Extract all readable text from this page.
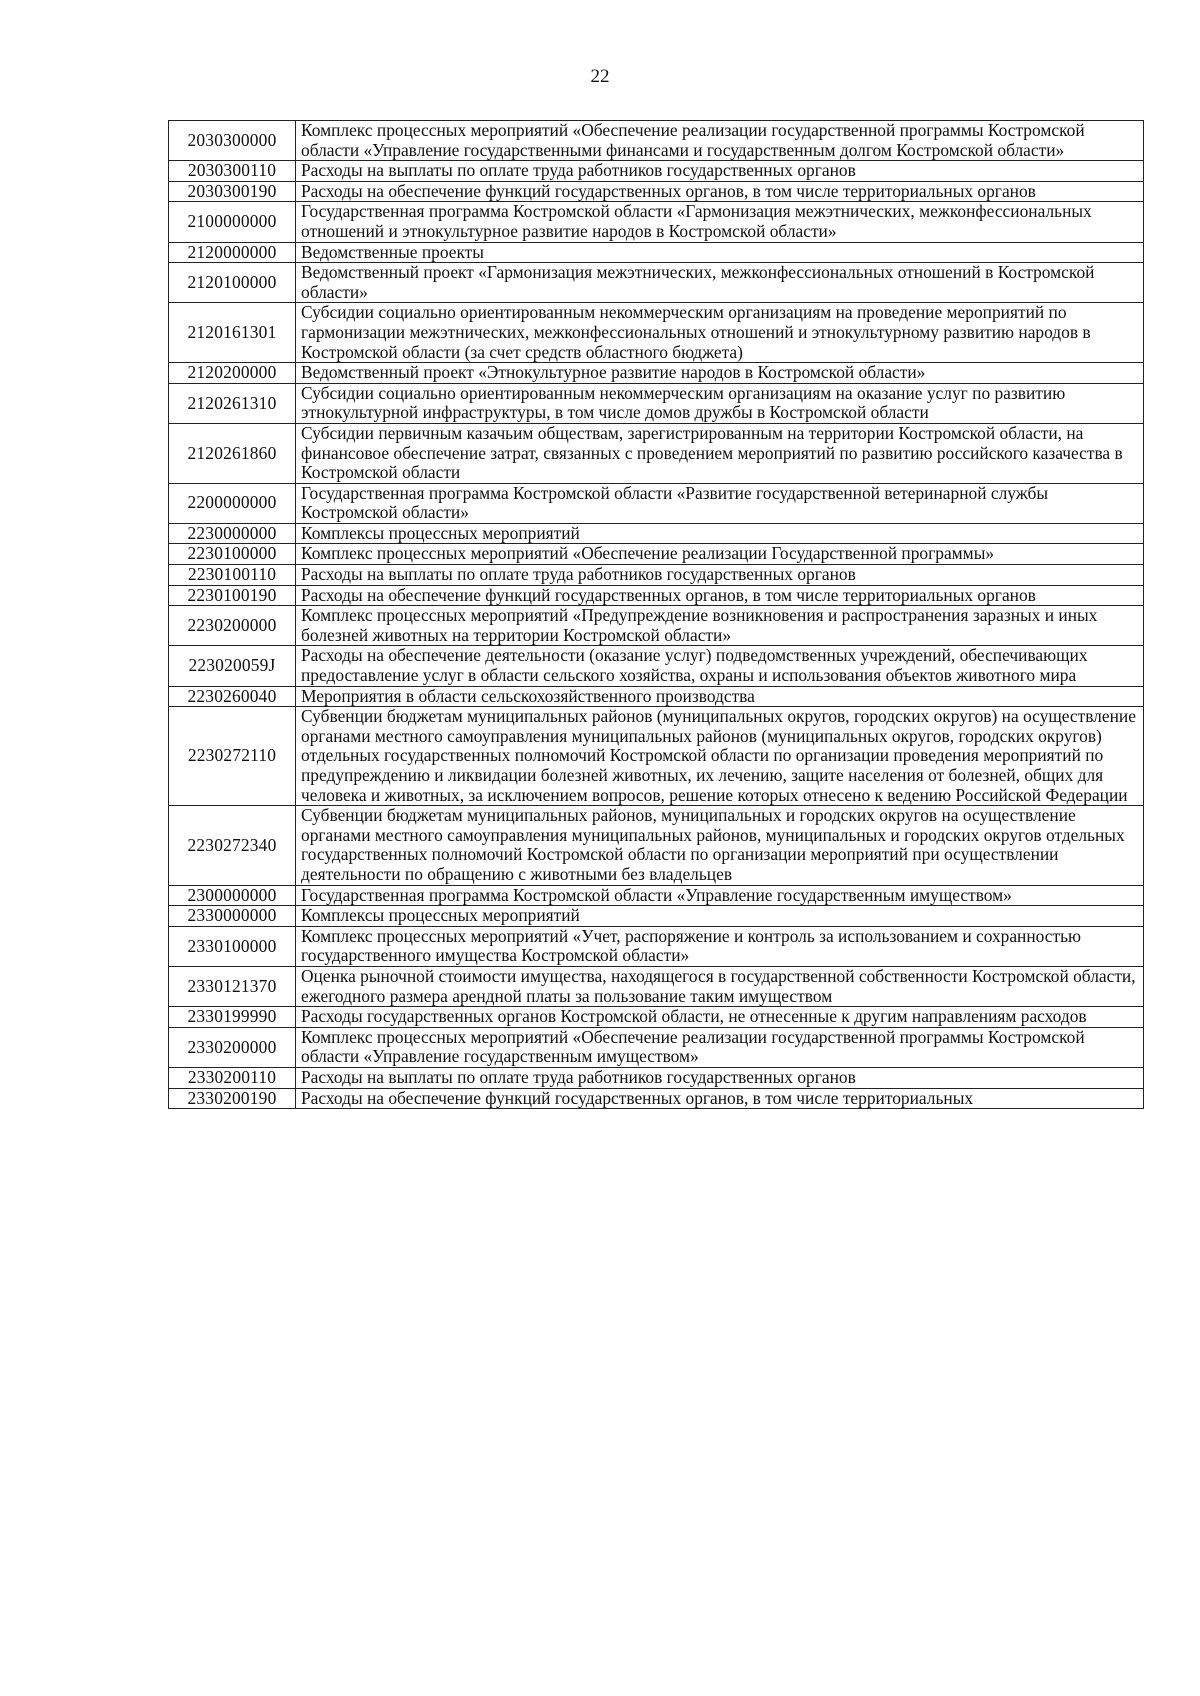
22
2030300000	Комплекс процессных мероприятий «Обеспечение реализации государственной программы Костромской области «Управление государственными финансами и государственным долгом Костромской области»
2030300110	Расходы на выплаты по оплате труда работников государственных органов
2030300190	Расходы на обеспечение функций государственных органов, в том числе территориальных органов
2100000000	Государственная программа Костромской области «Гармонизация межэтнических, межконфессиональных отношений и этнокультурное развитие народов в Костромской области»
2120000000	Ведомственные проекты
2120100000	Ведомственный проект «Гармонизация межэтнических, межконфессиональных отношений в Костромской области»
2120161301	Субсидии социально ориентированным некоммерческим организациям на проведение мероприятий по гармонизации межэтнических, межконфессиональных отношений и этнокультурному развитию народов в Костромской области (за счет средств областного бюджета)
2120200000	Ведомственный проект «Этнокультурное развитие народов в Костромской области»
2120261310	Субсидии социально ориентированным некоммерческим организациям на оказание услуг по развитию этнокультурной инфраструктуры, в том числе домов дружбы в Костромской области
2120261860	Субсидии первичным казачьим обществам, зарегистрированным на территории Костромской области, на финансовое обеспечение затрат, связанных с проведением мероприятий по развитию российского казачества в Костромской области
2200000000	Государственная программа Костромской области «Развитие государственной ветеринарной службы Костромской области»
2230000000	Комплексы процессных мероприятий
2230100000	Комплекс процессных мероприятий «Обеспечение реализации Государственной программы»
2230100110	Расходы на выплаты по оплате труда работников государственных органов
2230100190	Расходы на обеспечение функций государственных органов, в том числе территориальных органов
2230200000	Комплекс процессных мероприятий «Предупреждение возникновения и распространения заразных и иных болезней животных на территории Костромской области»
223020059J	Расходы на обеспечение деятельности (оказание услуг) подведомственных учреждений, обеспечивающих предоставление услуг в области сельского хозяйства, охраны и использования объектов животного мира
2230260040	Мероприятия в области сельскохозяйственного производства
2230272110	Субвенции бюджетам муниципальных районов (муниципальных округов, городских округов) на осуществление органами местного самоуправления муниципальных районов (муниципальных округов, городских округов) отдельных государственных полномочий Костромской области по организации проведения мероприятий по предупреждению и ликвидации болезней животных, их лечению, защите населения от болезней, общих для человека и животных, за исключением вопросов, решение которых отнесено к ведению Российской Федерации
2230272340	Субвенции бюджетам муниципальных районов, муниципальных и городских округов на осуществление органами местного самоуправления муниципальных районов, муниципальных и городских округов отдельных государственных полномочий Костромской области по организации мероприятий при осуществлении деятельности по обращению с животными без владельцев
2300000000	Государственная программа Костромской области «Управление государственным имуществом»
2330000000	Комплексы процессных мероприятий
2330100000	Комплекс процессных мероприятий «Учет, распоряжение и контроль за использованием и сохранностью государственного имущества Костромской области»
2330121370	Оценка рыночной стоимости имущества, находящегося в государственной собственности Костромской области, ежегодного размера арендной платы за пользование таким имуществом
2330199990	Расходы государственных органов Костромской области, не отнесенные к другим направлениям расходов
2330200000	Комплекс процессных мероприятий «Обеспечение реализации государственной программы Костромской области «Управление государственным имуществом»
2330200110	Расходы на выплаты по оплате труда работников государственных органов
2330200190	Расходы на обеспечение функций государственных органов, в том числе территориальных
